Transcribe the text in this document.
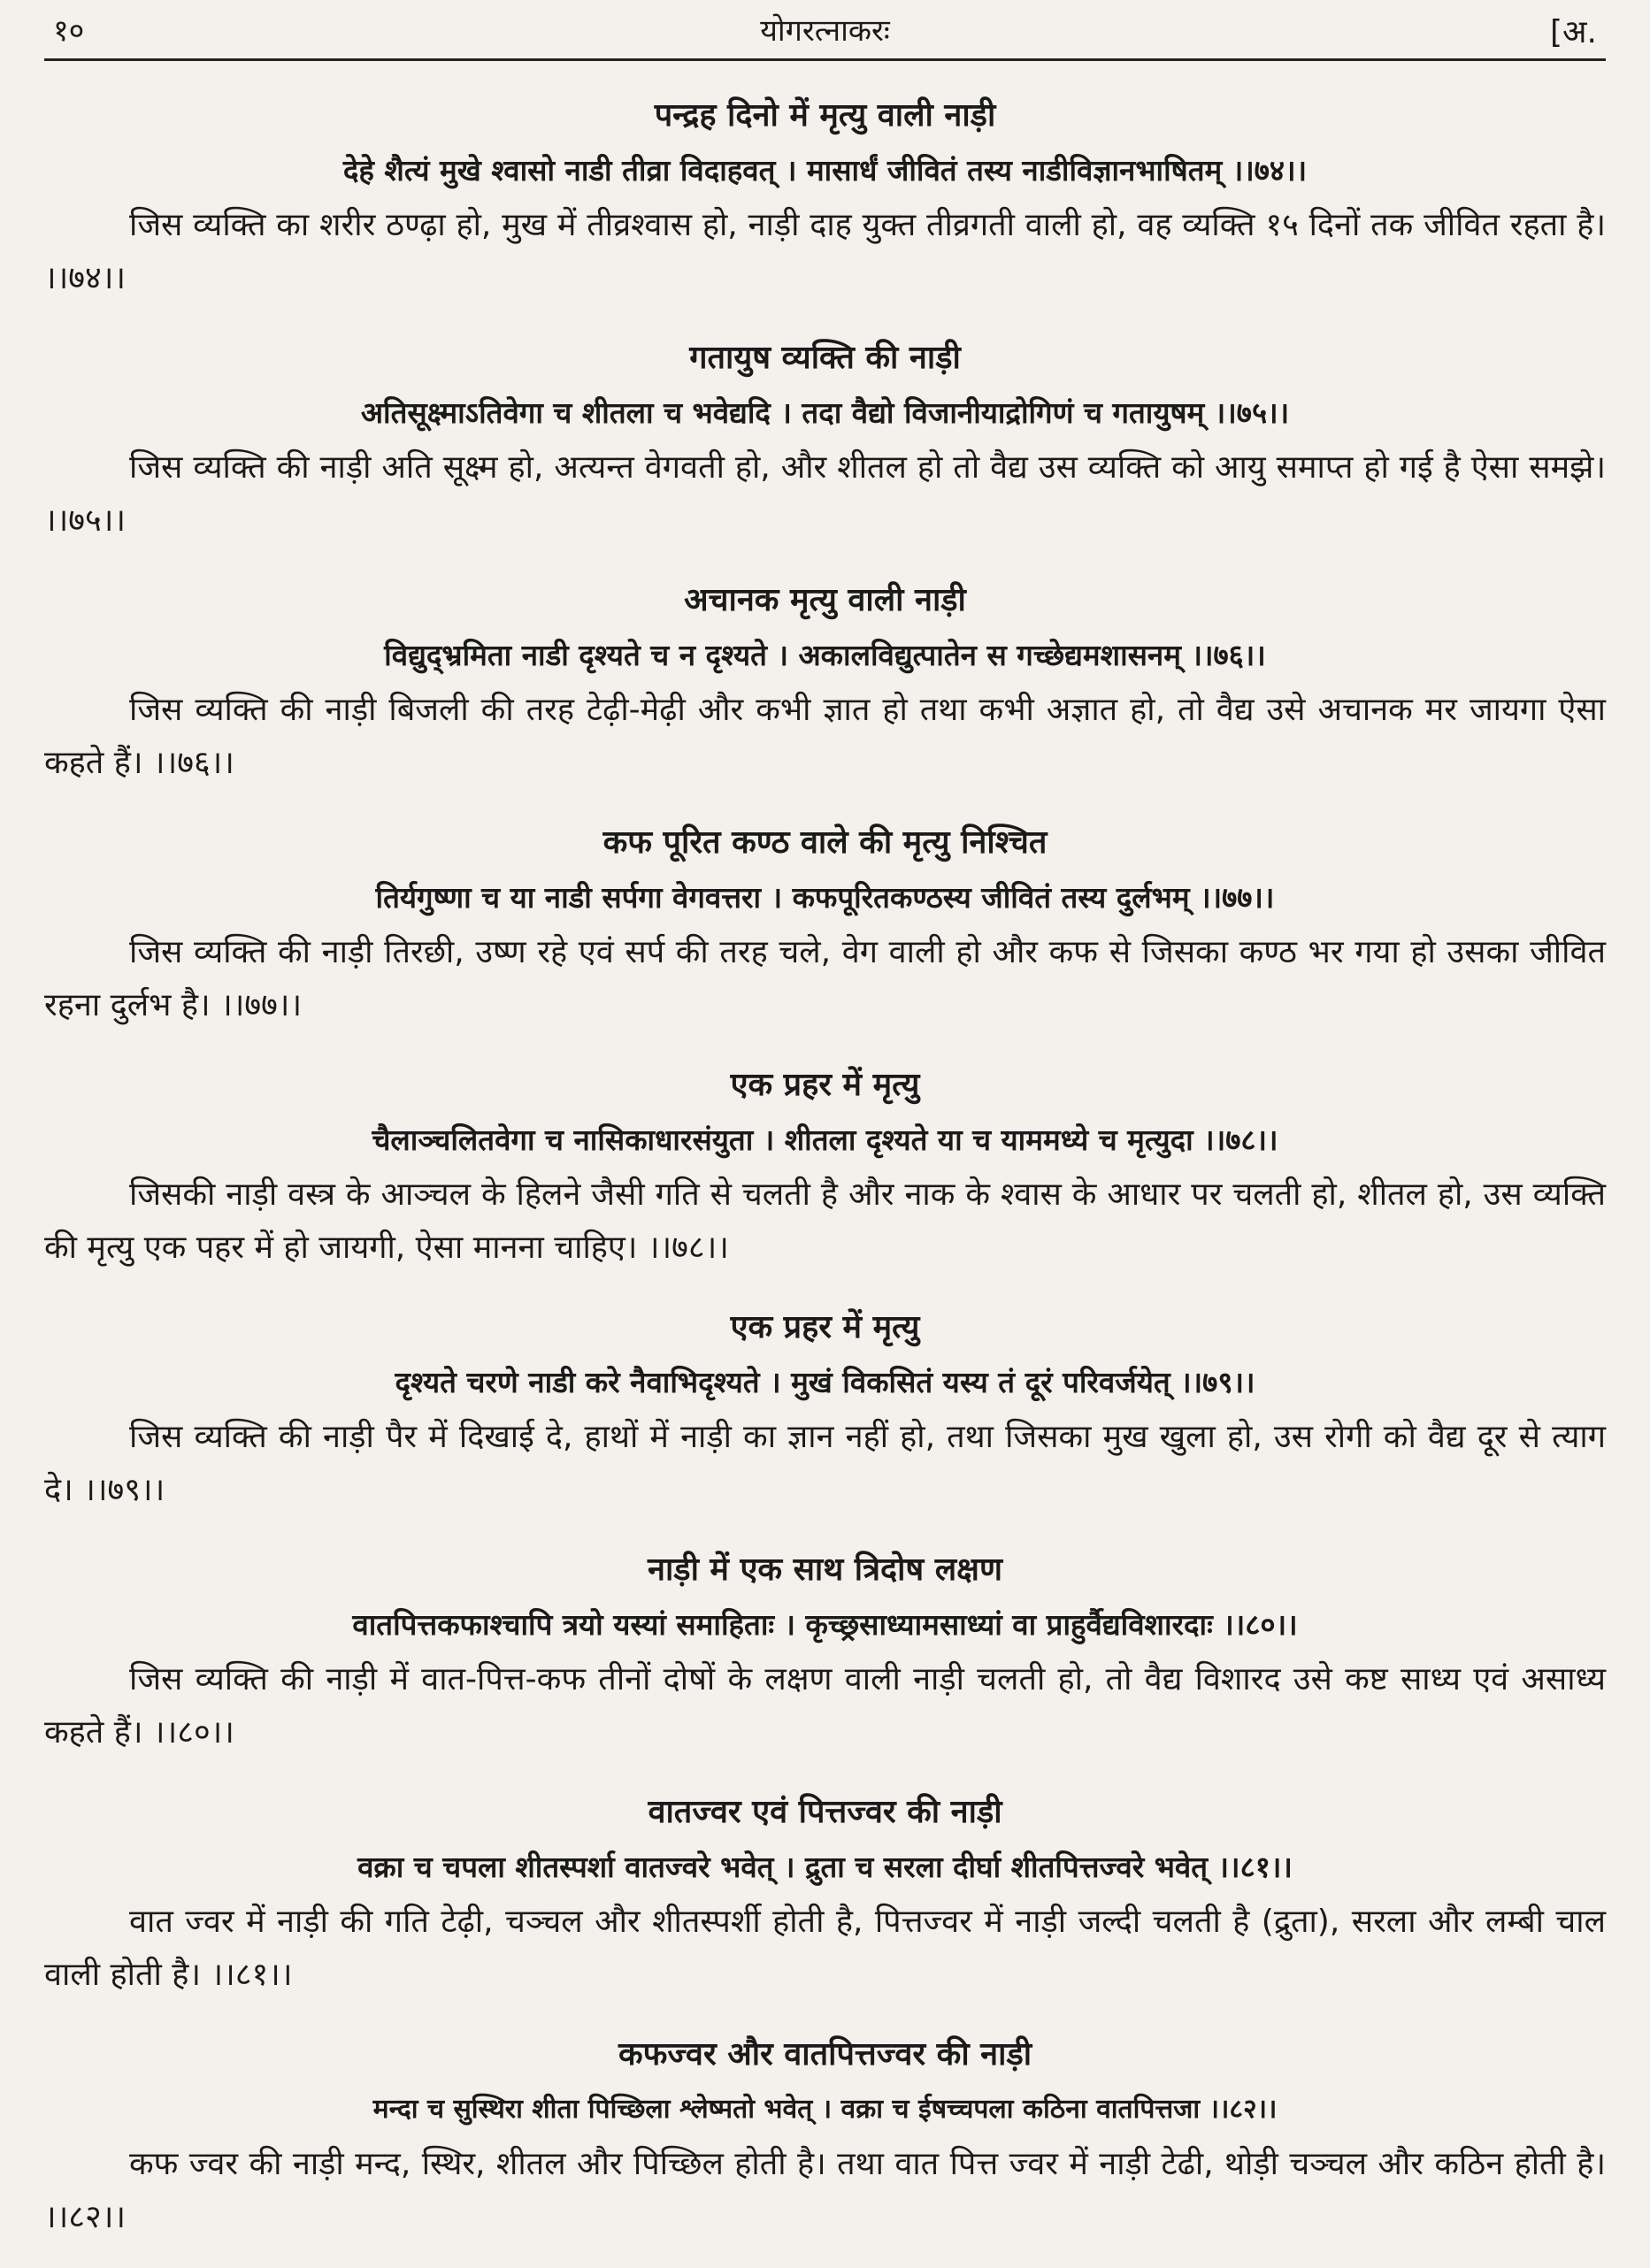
१०	योगरत्नाकरः	[अ.
पन्द्रह दिनो में मृत्यु वाली नाड़ी
देहे शैत्यं मुखे श्वासो नाडी तीव्रा विदाहवत् । मासार्धं जीवितं तस्य नाडीविज्ञानभाषितम् ।।७४।।
जिस व्यक्ति का शरीर ठण्ढ़ा हो, मुख में तीव्रश्वास हो, नाड़ी दाह युक्त तीव्रगती वाली हो, वह व्यक्ति १५ दिनों तक जीवित रहता है। ।।७४।।
गतायुष व्यक्ति की नाड़ी
अतिसूक्ष्माऽतिवेगा च शीतला च भवेद्यदि । तदा वैद्यो विजानीयाद्रोगिणं च गतायुषम् ।।७५।।
जिस व्यक्ति की नाड़ी अति सूक्ष्म हो, अत्यन्त वेगवती हो, और शीतल हो तो वैद्य उस व्यक्ति को आयु समाप्त हो गई है ऐसा समझे। ।।७५।।
अचानक मृत्यु वाली नाड़ी
विद्युद्भ्रमिता नाडी दृश्यते च न दृश्यते । अकालविद्युत्पातेन स गच्छेद्यमशासनम् ।।७६।।
जिस व्यक्ति की नाड़ी बिजली की तरह टेढ़ी-मेढ़ी और कभी ज्ञात हो तथा कभी अज्ञात हो, तो वैद्य उसे अचानक मर जायगा ऐसा कहते हैं। ।।७६।।
कफ पूरित कण्ठ वाले की मृत्यु निश्चित
तिर्यगुष्णा च या नाडी सर्पगा वेगवत्तरा । कफपूरितकण्ठस्य जीवितं तस्य दुर्लभम् ।।७७।।
जिस व्यक्ति की नाड़ी तिरछी, उष्ण रहे एवं सर्प की तरह चले, वेग वाली हो और कफ से जिसका कण्ठ भर गया हो उसका जीवित रहना दुर्लभ है। ।।७७।।
एक प्रहर में मृत्यु
चैलाञ्चलितवेगा च नासिकाधारसंयुता । शीतला दृश्यते या च याममध्ये च मृत्युदा ।।७८।।
जिसकी नाड़ी वस्त्र के आञ्चल के हिलने जैसी गति से चलती है और नाक के श्वास के आधार पर चलती हो, शीतल हो, उस व्यक्ति की मृत्यु एक पहर में हो जायगी, ऐसा मानना चाहिए। ।।७८।।
एक प्रहर में मृत्यु
दृश्यते चरणे नाडी करे नैवाभिदृश्यते । मुखं विकसितं यस्य तं दूरं परिवर्जयेत् ।।७९।।
जिस व्यक्ति की नाड़ी पैर में दिखाई दे, हाथों में नाड़ी का ज्ञान नहीं हो, तथा जिसका मुख खुला हो, उस रोगी को वैद्य दूर से त्याग दे। ।।७९।।
नाड़ी में एक साथ त्रिदोष लक्षण
वातपित्तकफाश्चापि त्रयो यस्यां समाहिताः । कृच्छ्रसाध्यामसाध्यां वा प्राहुर्वैद्यविशारदाः ।।८०।।
जिस व्यक्ति की नाड़ी में वात-पित्त-कफ तीनों दोषों के लक्षण वाली नाड़ी चलती हो, तो वैद्य विशारद उसे कष्ट साध्य एवं असाध्य कहते हैं। ।।८०।।
वातज्वर एवं पित्तज्वर की नाड़ी
वक्रा च चपला शीतस्पर्शा वातज्वरे भवेत् । द्रुता च सरला दीर्घा शीतपित्तज्वरे भवेत् ।।८१।।
वात ज्वर में नाड़ी की गति टेढ़ी, चञ्चल और शीतस्पर्शी होती है, पित्तज्वर में नाड़ी जल्दी चलती है (द्रुता), सरला और लम्बी चाल वाली होती है। ।।८१।।
कफज्वर और वातपित्तज्वर की नाड़ी
मन्दा च सुस्थिरा शीता पिच्छिला श्लेष्मतो भवेत् । वक्रा च ईषच्चपला कठिना वातपित्तजा ।।८२।।
कफ ज्वर की नाड़ी मन्द, स्थिर, शीतल और पिच्छिल होती है। तथा वात पित्त ज्वर में नाड़ी टेढी, थोड़ी चञ्चल और कठिन होती है। ।।८२।।
